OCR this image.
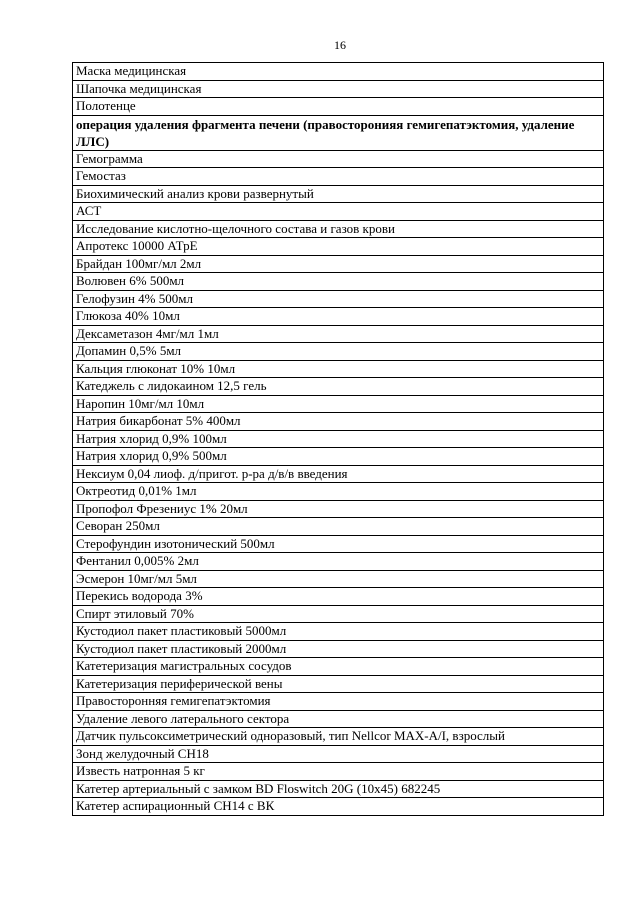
16
Маска медицинская
Шапочка медицинская
Полотенце
операция удаления фрагмента печени (правосторонияя гемигепатэктомия, удаление ЛЛС)
Гемограмма
Гемостаз
Биохимический анализ крови развернутый
АСТ
Исследование кислотно-щелочного состава и газов крови
Апротекс 10000 АТрЕ
Брайдан 100мг/мл 2мл
Волювен 6% 500мл
Гелофузин 4% 500мл
Глюкоза 40% 10мл
Дексаметазон 4мг/мл 1мл
Допамин 0,5% 5мл
Кальция глюконат 10% 10мл
Катеджель с лидокаином 12,5 гель
Наропин 10мг/мл 10мл
Натрия бикарбонат 5% 400мл
Натрия хлорид 0,9% 100мл
Натрия хлорид 0,9% 500мл
Нексиум 0,04 лиоф. д/пригот. р-ра д/в/в введения
Октреотид 0,01% 1мл
Пропофол Фрезениус 1% 20мл
Севоран 250мл
Стерофундин изотонический 500мл
Фентанил 0,005% 2мл
Эсмерон 10мг/мл 5мл
Перекись водорода 3%
Спирт этиловый 70%
Кустодиол пакет пластиковый 5000мл
Кустодиол пакет пластиковый 2000мл
Катетеризация магистральных сосудов
Катетеризация периферической вены
Правосторонняя гемигепатэктомия
Удаление левого латерального сектора
Датчик пульсоксиметрический одноразовый, тип Nellcor MAX-A/I, взрослый
Зонд желудочный CH18
Известь натронная 5 кг
Катетер артериальный с замком BD Floswitch 20G (10x45) 682245
Катетер аспирационный CH14 с ВК
